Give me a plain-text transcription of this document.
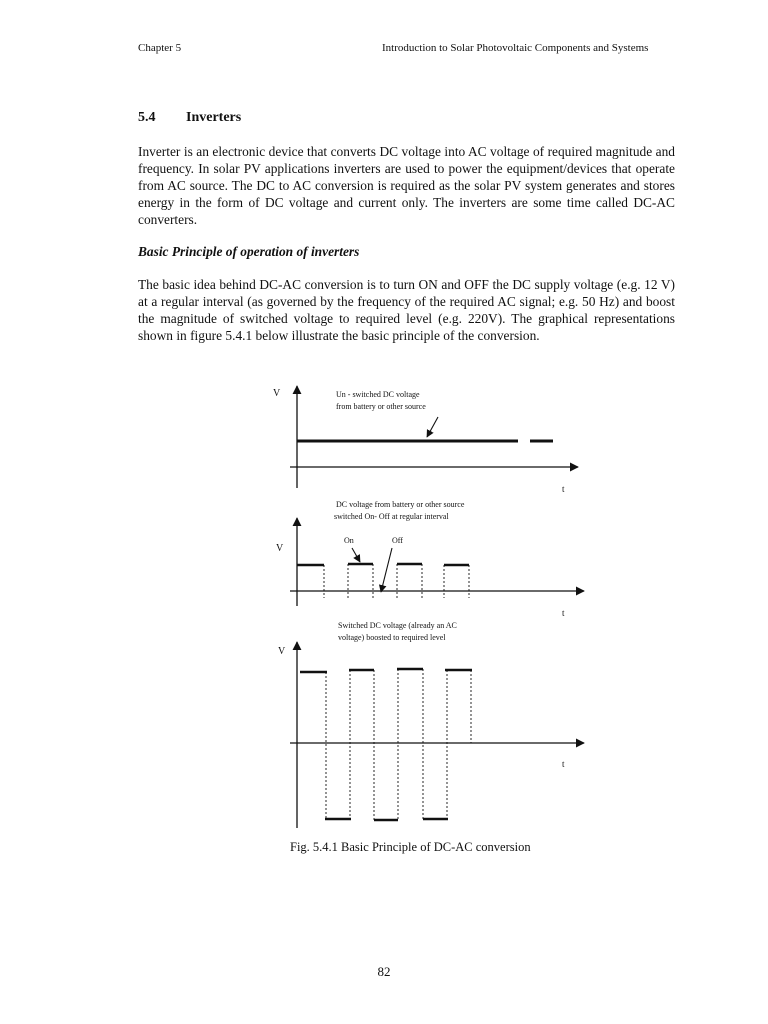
Chapter 5	Introduction to Solar Photovoltaic Components and Systems
5.4 Inverters

Inverter is an electronic device that converts DC voltage into AC voltage of required magnitude and frequency. In solar PV applications inverters are used to power the equipment/devices that operate from AC source. The DC to AC conversion is required as the solar PV system generates and stores energy in the form of DC voltage and current only. The inverters are some time called DC-AC converters.

Basic Principle of operation of inverters

The basic idea behind DC-AC conversion is to turn ON and OFF the DC supply voltage (e.g. 12 V) at a regular interval (as governed by the frequency of the required AC signal; e.g. 50 Hz) and boost the magnitude of switched voltage to required level (e.g. 220V). The graphical representations shown in figure 5.4.1 below illustrate the basic principle of the conversion.

V
t
Un - switched DC voltage
from battery or other source
V
t
DC voltage from battery or other source
switched On- Off at regular interval
On	Off
V
t
Switched DC voltage (already an AC
voltage) boosted to required level
Fig. 5.4.1 Basic Principle of DC-AC conversion
82
